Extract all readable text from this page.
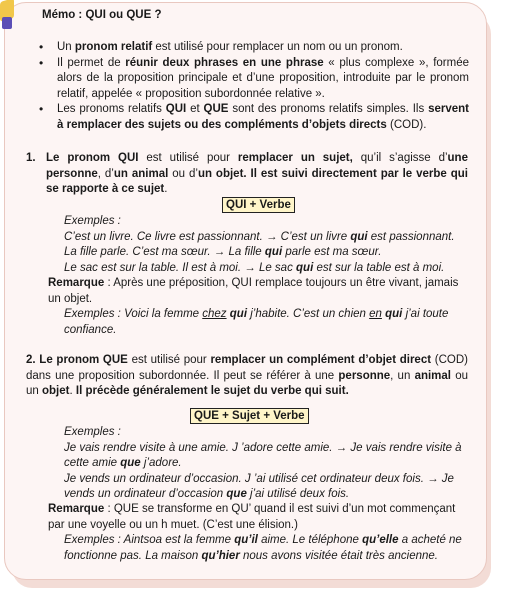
Mémo : QUI ou QUE ?
• Un pronom relatif est utilisé pour remplacer un nom ou un pronom.
• Il permet de réunir deux phrases en une phrase « plus complexe », formée alors de la proposition principale et d’une proposition, introduite par le pronom relatif, appelée « proposition subordonnée relative ».
• Les pronoms relatifs QUI et QUE sont des pronoms relatifs simples. Ils servent à remplacer des sujets ou des compléments d’objets directs (COD).
1. Le pronom QUI est utilisé pour remplacer un sujet, qu’il s’agisse d’une personne, d’un animal ou d’un objet. Il est suivi directement par le verbe qui se rapporte à ce sujet.
QUI + Verbe
Exemples :
C’est un livre. Ce livre est passionnant. → C’est un livre qui est passionnant.
La fille parle. C’est ma sœur. → La fille qui parle est ma sœur.
Le sac est sur la table. Il est à moi. → Le sac qui est sur la table est à moi.
Remarque : Après une préposition, QUI remplace toujours un être vivant, jamais un objet.
Exemples : Voici la femme chez qui j’habite. C’est un chien en qui j’ai toute confiance.
2. Le pronom QUE est utilisé pour remplacer un complément d’objet direct (COD) dans une proposition subordonnée. Il peut se référer à une personne, un animal ou un objet. Il précède généralement le sujet du verbe qui suit.
QUE + Sujet + Verbe
Exemples :
Je vais rendre visite à une amie. J ’adore cette amie. → Je vais rendre visite à cette amie que j’adore.
Je vends un ordinateur d’occasion. J ’ai utilisé cet ordinateur deux fois. → Je vends un ordinateur d’occasion que j’ai utilisé deux fois.
Remarque : QUE se transforme en QU’ quand il est suivi d’un mot commençant par une voyelle ou un h muet. (C’est une élision.)
Exemples : Aintsoa est la femme qu’il aime. Le téléphone qu’elle a acheté ne fonctionne pas. La maison qu’hier nous avons visitée était très ancienne.
